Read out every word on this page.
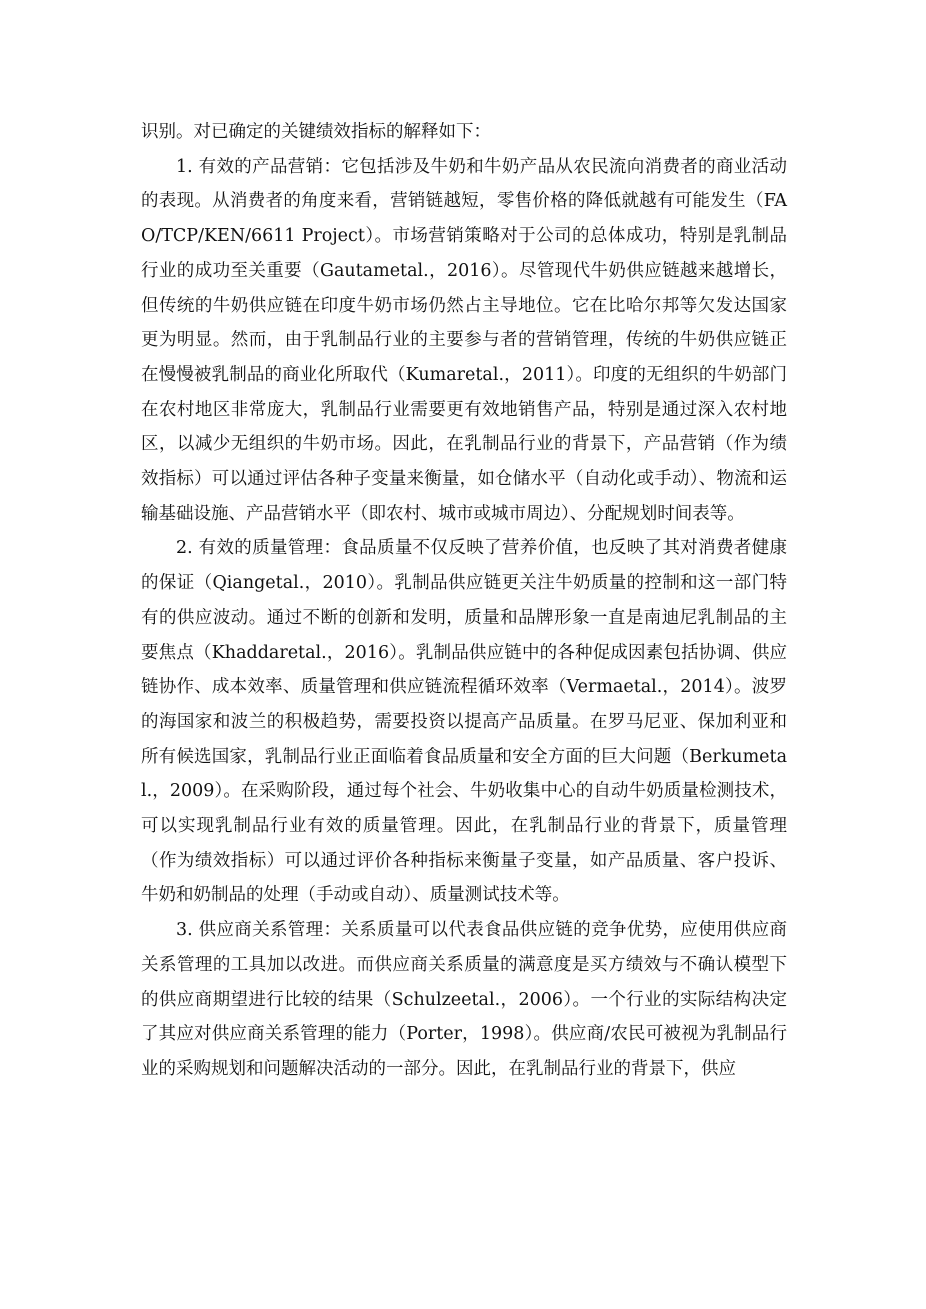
识别。对已确定的关键绩效指标的解释如下：

1. 有效的产品营销：它包括涉及牛奶和牛奶产品从农民流向消费者的商业活动的表现。从消费者的角度来看，营销链越短，零售价格的降低就越有可能发生（FAO/TCP/KEN/6611 Project）。市场营销策略对于公司的总体成功，特别是乳制品行业的成功至关重要（Gautametal.，2016）。尽管现代牛奶供应链越来越增长，但传统的牛奶供应链在印度牛奶市场仍然占主导地位。它在比哈尔邦等欠发达国家更为明显。然而，由于乳制品行业的主要参与者的营销管理，传统的牛奶供应链正在慢慢被乳制品的商业化所取代（Kumaretal.，2011）。印度的无组织的牛奶部门在农村地区非常庞大，乳制品行业需要更有效地销售产品，特别是通过深入农村地区，以减少无组织的牛奶市场。因此，在乳制品行业的背景下，产品营销（作为绩效指标）可以通过评估各种子变量来衡量，如仓储水平（自动化或手动）、物流和运输基础设施、产品营销水平（即农村、城市或城市周边）、分配规划时间表等。

2. 有效的质量管理：食品质量不仅反映了营养价值，也反映了其对消费者健康的保证（Qiangetal.，2010）。乳制品供应链更关注牛奶质量的控制和这一部门特有的供应波动。通过不断的创新和发明，质量和品牌形象一直是南迪尼乳制品的主要焦点（Khaddaretal.，2016）。乳制品供应链中的各种促成因素包括协调、供应链协作、成本效率、质量管理和供应链流程循环效率（Vermaetal.，2014）。波罗的海国家和波兰的积极趋势，需要投资以提高产品质量。在罗马尼亚、保加利亚和所有候选国家，乳制品行业正面临着食品质量和安全方面的巨大问题（Berkumetal.，2009）。在采购阶段，通过每个社会、牛奶收集中心的自动牛奶质量检测技术，可以实现乳制品行业有效的质量管理。因此，在乳制品行业的背景下，质量管理（作为绩效指标）可以通过评价各种指标来衡量子变量，如产品质量、客户投诉、牛奶和奶制品的处理（手动或自动）、质量测试技术等。

3. 供应商关系管理：关系质量可以代表食品供应链的竞争优势，应使用供应商关系管理的工具加以改进。而供应商关系质量的满意度是买方绩效与不确认模型下的供应商期望进行比较的结果（Schulzeetal.，2006）。一个行业的实际结构决定了其应对供应商关系管理的能力（Porter，1998）。供应商/农民可被视为乳制品行业的采购规划和问题解决活动的一部分。因此，在乳制品行业的背景下，供应
